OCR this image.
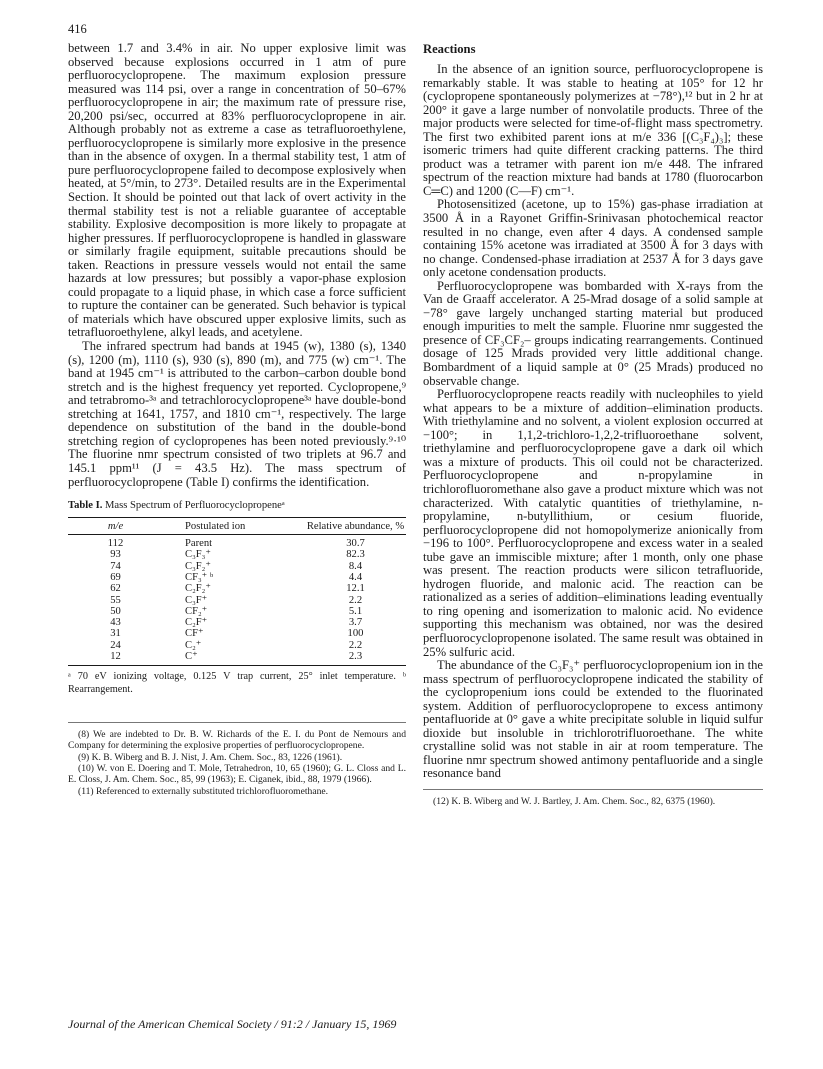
416

between 1.7 and 3.4% in air. No upper explosive limit was observed because explosions occurred in 1 atm of pure perfluorocyclopropene. The maximum explosion pressure measured was 114 psi, over a range in concentration of 50–67% perfluorocyclopropene in air; the maximum rate of pressure rise, 20,200 psi/sec, occurred at 83% perfluorocyclopropene in air. Although probably not as extreme a case as tetrafluoroethylene, perfluorocyclopropene is similarly more explosive in the presence than in the absence of oxygen. In a thermal stability test, 1 atm of pure perfluorocyclopropene failed to decompose explosively when heated, at 5°/min, to 273°. Detailed results are in the Experimental Section. It should be pointed out that lack of overt activity in the thermal stability test is not a reliable guarantee of acceptable stability. Explosive decomposition is more likely to propagate at higher pressures. If perfluorocyclopropene is handled in glassware or similarly fragile equipment, suitable precautions should be taken. Reactions in pressure vessels would not entail the same hazards at low pressures; but possibly a vapor-phase explosion could propagate to a liquid phase, in which case a force sufficient to rupture the container can be generated. Such behavior is typical of materials which have obscured upper explosive limits, such as tetrafluoroethylene, alkyl leads, and acetylene.

The infrared spectrum had bands at 1945 (w), 1380 (s), 1340 (s), 1200 (m), 1110 (s), 930 (s), 890 (m), and 775 (w) cm⁻¹. The band at 1945 cm⁻¹ is attributed to the carbon–carbon double bond stretch and is the highest frequency yet reported. Cyclopropene,⁹ and tetrabromo-³ᵃ and tetrachlorocyclopropene³ᵃ have double-bond stretching at 1641, 1757, and 1810 cm⁻¹, respectively. The large dependence on substitution of the band in the double-bond stretching region of cyclopropenes has been noted previously.⁹·¹⁰ The fluorine nmr spectrum consisted of two triplets at 96.7 and 145.1 ppm¹¹ (J = 43.5 Hz). The mass spectrum of perfluorocyclopropene (Table I) confirms the identification.

Table I. Mass Spectrum of Perfluorocyclopropeneᵃ
m/e	Postulated ion	Relative abundance, %
112	Parent	30.7
93	C₃F₃⁺	82.3
74	C₃F₂⁺	8.4
69	CF₃⁺ ᵇ	4.4
62	C₂F₂⁺	12.1
55	C₃F⁺	2.2
50	CF₂⁺	5.1
43	C₂F⁺	3.7
31	CF⁺	100
24	C₂⁺	2.2
12	C⁺	2.3
ᵃ 70 eV ionizing voltage, 0.125 V trap current, 25° inlet temperature. ᵇ Rearrangement.
(8) We are indebted to Dr. B. W. Richards of the E. I. du Pont de Nemours and Company for determining the explosive properties of perfluorocyclopropene.
(9) K. B. Wiberg and B. J. Nist, J. Am. Chem. Soc., 83, 1226 (1961).
(10) W. von E. Doering and T. Mole, Tetrahedron, 10, 65 (1960); G. L. Closs and L. E. Closs, J. Am. Chem. Soc., 85, 99 (1963); E. Ciganek, ibid., 88, 1979 (1966).
(11) Referenced to externally substituted trichlorofluoromethane.
Reactions

In the absence of an ignition source, perfluorocyclopropene is remarkably stable. It was stable to heating at 105° for 12 hr (cyclopropene spontaneously polymerizes at −78°),¹² but in 2 hr at 200° it gave a large number of nonvolatile products. Three of the major products were selected for time-of-flight mass spectrometry. The first two exhibited parent ions at m/e 336 [(C₃F₄)₃]; these isomeric trimers had quite different cracking patterns. The third product was a tetramer with parent ion m/e 448. The infrared spectrum of the reaction mixture had bands at 1780 (fluorocarbon C═C) and 1200 (C—F) cm⁻¹.

Photosensitized (acetone, up to 15%) gas-phase irradiation at 3500 Å in a Rayonet Griffin-Srinivasan photochemical reactor resulted in no change, even after 4 days. A condensed sample containing 15% acetone was irradiated at 3500 Å for 3 days with no change. Condensed-phase irradiation at 2537 Å for 3 days gave only acetone condensation products.

Perfluorocyclopropene was bombarded with X-rays from the Van de Graaff accelerator. A 25-Mrad dosage of a solid sample at −78° gave largely unchanged starting material but produced enough impurities to melt the sample. Fluorine nmr suggested the presence of CF₃CF₂– groups indicating rearrangements. Continued dosage of 125 Mrads provided very little additional change. Bombardment of a liquid sample at 0° (25 Mrads) produced no observable change.

Perfluorocyclopropene reacts readily with nucleophiles to yield what appears to be a mixture of addition–elimination products. With triethylamine and no solvent, a violent explosion occurred at −100°; in 1,1,2-trichloro-1,2,2-trifluoroethane solvent, triethylamine and perfluorocyclopropene gave a dark oil which was a mixture of products. This oil could not be characterized. Perfluorocyclopropene and n-propylamine in trichlorofluoromethane also gave a product mixture which was not characterized. With catalytic quantities of triethylamine, n-propylamine, n-butyllithium, or cesium fluoride, perfluorocyclopropene did not homopolymerize anionically from −196 to 100°. Perfluorocyclopropene and excess water in a sealed tube gave an immiscible mixture; after 1 month, only one phase was present. The reaction products were silicon tetrafluoride, hydrogen fluoride, and malonic acid. The reaction can be rationalized as a series of addition–eliminations leading eventually to ring opening and isomerization to malonic acid. No evidence supporting this mechanism was obtained, nor was the desired perfluorocyclopropenone isolated. The same result was obtained in 25% sulfuric acid.

The abundance of the C₃F₃⁺ perfluorocyclopropenium ion in the mass spectrum of perfluorocyclopropene indicated the stability of the cyclopropenium ions could be extended to the fluorinated system. Addition of perfluorocyclopropene to excess antimony pentafluoride at 0° gave a white precipitate soluble in liquid sulfur dioxide but insoluble in trichlorotrifluoroethane. The white crystalline solid was not stable in air at room temperature. The fluorine nmr spectrum showed antimony pentafluoride and a single resonance band

(12) K. B. Wiberg and W. J. Bartley, J. Am. Chem. Soc., 82, 6375 (1960).
Journal of the American Chemical Society / 91:2 / January 15, 1969
